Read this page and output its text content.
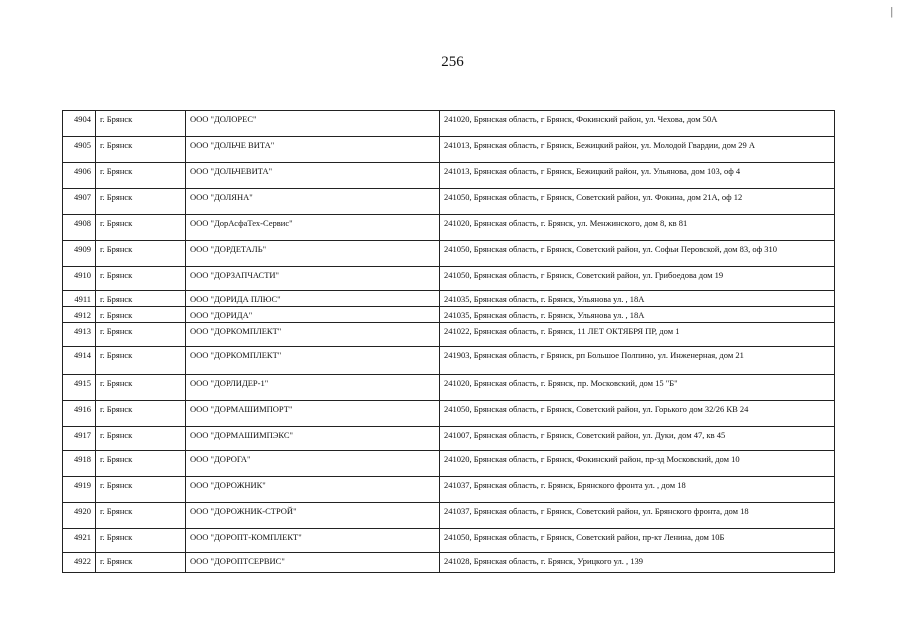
256
|
4904	г. Брянск	ООО "ДОЛОРЕС"	241020, Брянская область, г Брянск, Фокинский район, ул. Чехова, дом 50А
4905	г. Брянск	ООО "ДОЛЬЧЕ ВИТА"	241013, Брянская область, г Брянск, Бежицкий район, ул. Молодой Гвардии, дом 29 А
4906	г. Брянск	ООО "ДОЛЬЧЕВИТА"	241013, Брянская область, г Брянск, Бежицкий район, ул. Ульянова, дом 103, оф 4
4907	г. Брянск	ООО "ДОЛЯНА"	241050, Брянская область, г Брянск, Советский район, ул. Фокина, дом 21А, оф 12
4908	г. Брянск	ООО "ДорАсфаТех-Сервис"	241020, Брянская область, г. Брянск, ул. Менжинского, дом 8, кв 81
4909	г. Брянск	ООО "ДОРДЕТАЛЬ"	241050, Брянская область, г Брянск, Советский район, ул. Софьи Перовской, дом 83, оф 310
4910	г. Брянск	ООО "ДОРЗАПЧАСТИ"	241050, Брянская область, г Брянск, Советский район, ул. Грибоедова дом 19
4911	г. Брянск	ООО "ДОРИДА ПЛЮС"	241035, Брянская область, г. Брянск, Ульянова ул. , 18А
4912	г. Брянск	ООО "ДОРИДА"	241035, Брянская область, г. Брянск, Ульянова ул. , 18А
4913	г. Брянск	ООО "ДОРКОМПЛЕКТ"	241022, Брянская область, г. Брянск, 11 ЛЕТ ОКТЯБРЯ ПР, дом 1
4914	г. Брянск	ООО "ДОРКОМПЛЕКТ"	241903, Брянская область, г Брянск, рп Большое Полпино, ул. Инженерная, дом 21
4915	г. Брянск	ООО "ДОРЛИДЕР-1"	241020, Брянская область, г. Брянск, пр. Московский, дом 15 "Б"
4916	г. Брянск	ООО "ДОРМАШИМПОРТ"	241050, Брянская область, г Брянск, Советский район, ул. Горького дом 32/26 КВ 24
4917	г. Брянск	ООО "ДОРМАШИМПЭКС"	241007, Брянская область, г Брянск, Советский район, ул. Дуки, дом 47, кв 45
4918	г. Брянск	ООО "ДОРОГА"	241020, Брянская область, г Брянск, Фокинский район, пр-зд Московский, дом 10
4919	г. Брянск	ООО "ДОРОЖНИК"	241037, Брянская область, г. Брянск, Брянского фронта ул. , дом 18
4920	г. Брянск	ООО "ДОРОЖНИК-СТРОЙ"	241037, Брянская область, г Брянск, Советский район, ул. Брянского фронта, дом 18
4921	г. Брянск	ООО "ДОРОПТ-КОМПЛЕКТ"	241050, Брянская область, г Брянск, Советский район, пр-кт Ленина, дом 10Б
4922	г. Брянск	ООО "ДОРОПТСЕРВИС"	241028, Брянская область, г. Брянск, Урицкого ул. , 139
